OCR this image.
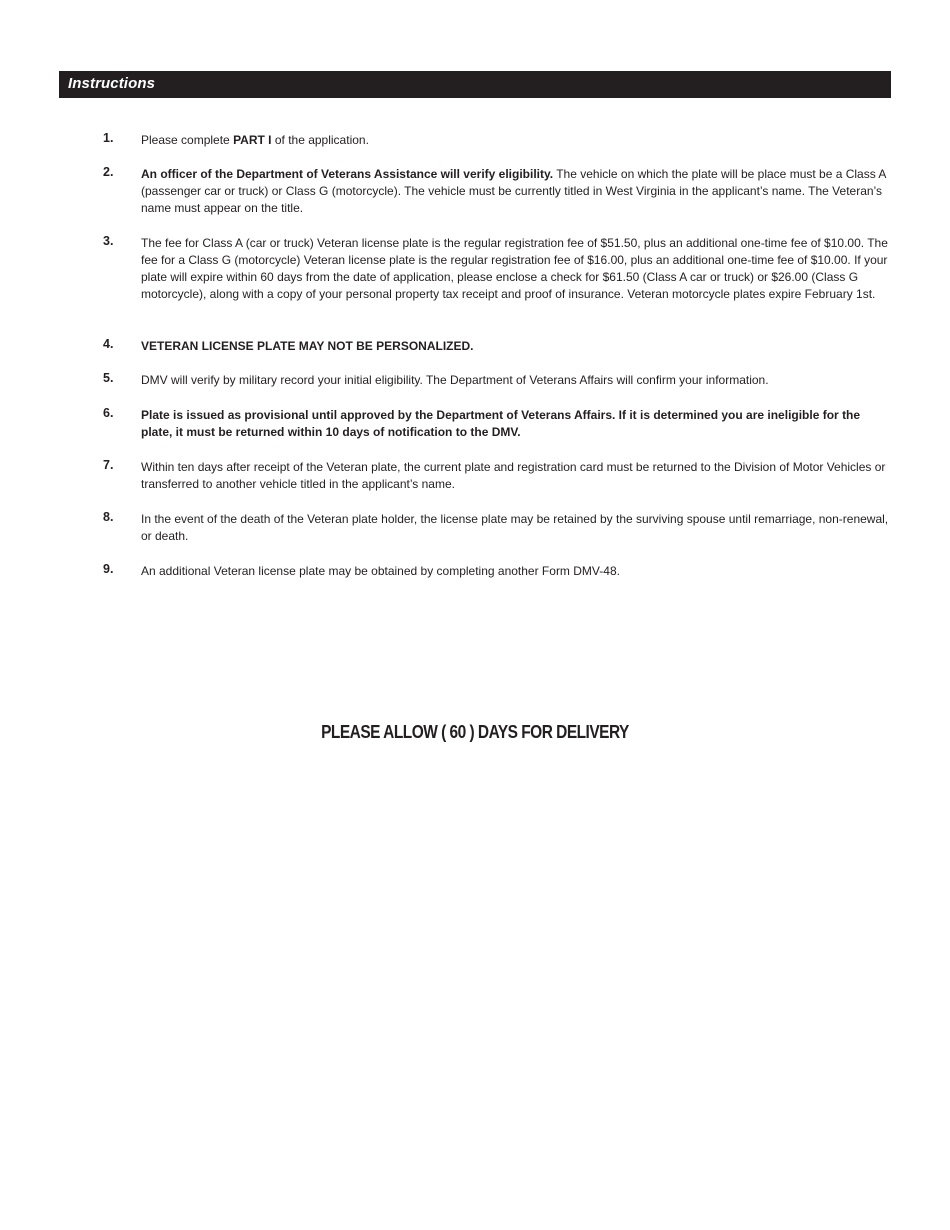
Instructions
1. Please complete PART I of the application.
2. An officer of the Department of Veterans Assistance will verify eligibility. The vehicle on which the plate will be place must be a Class A (passenger car or truck) or Class G (motorcycle). The vehicle must be currently titled in West Virginia in the applicant’s name. The Veteran’s name must appear on the title.
3. The fee for Class A (car or truck) Veteran license plate is the regular registration fee of $51.50, plus an additional one-time fee of $10.00. The fee for a Class G (motorcycle) Veteran license plate is the regular registration fee of $16.00, plus an additional one-time fee of $10.00. If your plate will expire within 60 days from the date of application, please enclose a check for $61.50 (Class A car or truck) or $26.00 (Class G motorcycle), along with a copy of your personal property tax receipt and proof of insurance. Veteran motorcycle plates expire February 1st.
4. VETERAN LICENSE PLATE MAY NOT BE PERSONALIZED.
5. DMV will verify by military record your initial eligibility. The Department of Veterans Affairs will confirm your information.
6. Plate is issued as provisional until approved by the Department of Veterans Affairs. If it is determined you are ineligible for the plate, it must be returned within 10 days of notification to the DMV.
7. Within ten days after receipt of the Veteran plate, the current plate and registration card must be returned to the Division of Motor Vehicles or transferred to another vehicle titled in the applicant’s name.
8. In the event of the death of the Veteran plate holder, the license plate may be retained by the surviving spouse until remarriage, non-renewal, or death.
9. An additional Veteran license plate may be obtained by completing another Form DMV-48.
PLEASE ALLOW ( 60 ) DAYS FOR DELIVERY
